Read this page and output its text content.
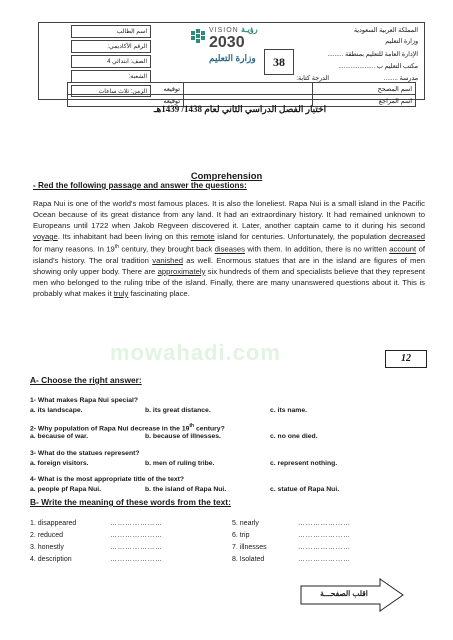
المملكة العربية السعودية
وزارة التعليم
الإدارة العامة للتعليم بمنطقة .........
مكتب التعليم ب .....................
مدرسة ........
الدرجة كتابة:
اسم الطالب
الرقم الأكاديمي:
الصف: ابتدائي 4
الشعبة:
الزمن: ثلاث ساعات
VISION رؤيـة
2030
وزارة التعليم	38
توقيعه		اسم المصحح
توقيعه		اسم المراجع
اختبار الفصل الدراسي الثاني لعام 1438/ 1439هـ
Comprehension
- Red the following passage and answer the questions:
Rapa Nui is one of the world's most famous places. It is also the loneliest. Rapa Nui is a small island in the Pacific Ocean because of its great distance from any land. It had an extraordinary history. It had remained unknown to Europeans until 1722 when Jakob Regveen discovered it. Later, another captain came to it during his second voyage. Its inhabitant had been living on this remote island for centuries. Unfortunately, the population decreased for many reasons. In 19th century, they brought back diseases with them. In addition, there is no written account of island's history. The oral tradition vanished as well. Enormous statues that are in the island are figures of men showing only upper body. There are approximately six hundreds of them and specialists believe that they represent men who belonged to the ruling tribe of the island. Finally, there are many unanswered questions about it. This is probably what makes it truly fascinating place.
mowahadi.com	12
A- Choose the right answer:
1- What makes Rapa Nui special?
a. its landscape.	b. its great distance.	c. its name.
2- Why population of Rapa Nui decrease in the 19th century?
a. because of war.	b. because of illnesses.	c. no one died.
3- What do the statues represent?
a. foreign visitors.	b. men of ruling tribe.	c. represent nothing.
4- What is the most appropriate title of the text?
a. people pf Rapa Nui.	b. the island of Rapa Nui.	c. statue of Rapa Nui.
B- Write the meaning of these words from the text:
1. disappeared	…………………
2. reduced	…………………
3. honestly	…………………
4. description	…………………
5. nearly	…………………
6. trip	…………………
7. illnesses	…………………
8. Isolated	…………………
اقلب الصفحـــة
